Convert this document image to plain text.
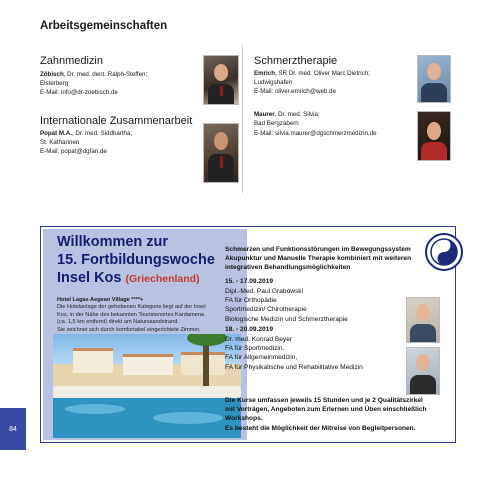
Arbeitsgemeinschaften
Zahnmedizin
Zöbisch, Dr. med. dent. Ralph-Steffen;
Elsterberg
E-Mail: info@dr-zoebisch.de
Internationale Zusammenarbeit
Popat M.A., Dr. med. Siddhartha;
St. Katharinen
E-Mail: popat@dgfan.de
Schmerztherapie
Emrich, SR Dr. med. Oliver Marc Dietrich;
Ludwigshafen
E-Mail: oliver.emrich@web.de
Maurer, Dr. med. Silvia;
Bad Bergzabern
E-Mail: silvia.maurer@dgschmerzmedizin.de
Willkommen zur
15. Fortbildungswoche
Insel Kos (Griechenland)
Hotel Lagas Aegean Village ****+
Die Hotelanlage der gehobenen Kategorie liegt auf der Insel
Kos, in der Nähe des bekannten Touristenortes Kardamena
(ca. 1,5 km entfernt) direkt am Naturssandstrand.
Sie zeichnet sich durch komfortabel eingerichtete Zimmer,
Schmerzen und Funktionsstörungen im Bewegungssystem
Akupunktur und Manuelle Therapie kombiniert mit weiteren
integrativen Behandlungsmöglichkeiten
15. - 17.09.2019
Dipl.-Med. Paul Grabowski
FA für Orthopädie
Sportmedizin/ Chirotherapie
Biologische Medizin und Schmerztherapie
18. - 20.09.2019
Dr. med. Konrad Beyer
FA für Sportmedizin,
FA für Allgemeinmedizin,
FA für Physikalische und Rehabilitative Medizin
Die Kurse umfassen jeweils 15 Stunden und je 2 Qualitätszirkel
mit Vorträgen, Angeboten zum Erlernen und Üben einschließlich
Workshops.
Es besteht die Möglichkeit der Mitreise von Begleitpersonen.
84
